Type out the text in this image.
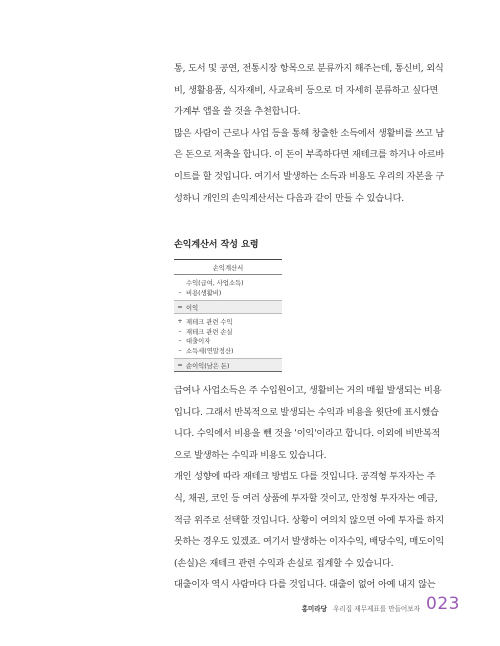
통, 도서 및 공연, 전통시장 항목으로 분류까지 해주는데, 통신비, 외식
비, 생활용품, 식자재비, 사교육비 등으로 더 자세히 분류하고 싶다면
가계부 앱을 쓸 것을 추천합니다.
많은 사람이 근로나 사업 등을 통해 창출한 소득에서 생활비를 쓰고 남
은 돈으로 저축을 합니다. 이 돈이 부족하다면 재테크를 하거나 아르바
이트를 할 것입니다. 여기서 발생하는 소득과 비용도 우리의 자본을 구
성하니 개인의 손익계산서는 다음과 같이 만들 수 있습니다.
손익계산서 작성 요령
손익계산서
수익(급여, 사업소득)
– 비용(생활비)
= 이익
+ 재테크 관련 수익
– 재테크 관련 손실
– 대출이자
– 소득세(연말정산)
= 순이익(남은 돈)
급여나 사업소득은 주 수입원이고, 생활비는 거의 매월 발생되는 비용
입니다. 그래서 반복적으로 발생되는 수익과 비용을 윗단에 표시했습
니다. 수익에서 비용을 뺀 것을 '이익'이라고 합니다. 이외에 비반복적
으로 발생하는 수익과 비용도 있습니다.
개인 성향에 따라 재테크 방법도 다를 것입니다. 공격형 투자자는 주
식, 채권, 코인 등 여러 상품에 투자할 것이고, 안정형 투자자는 예금,
적금 위주로 선택할 것입니다. 상황이 여의치 않으면 아예 투자를 하지
못하는 경우도 있겠죠. 여기서 발생하는 이자수익, 배당수익, 매도이익
(손실)은 재테크 관련 수익과 손실로 집계할 수 있습니다.
대출이자 역시 사람마다 다를 것입니다. 대출이 없어 아예 내지 않는
홍미라당 우리집 재무제표를 만들어보자 023
